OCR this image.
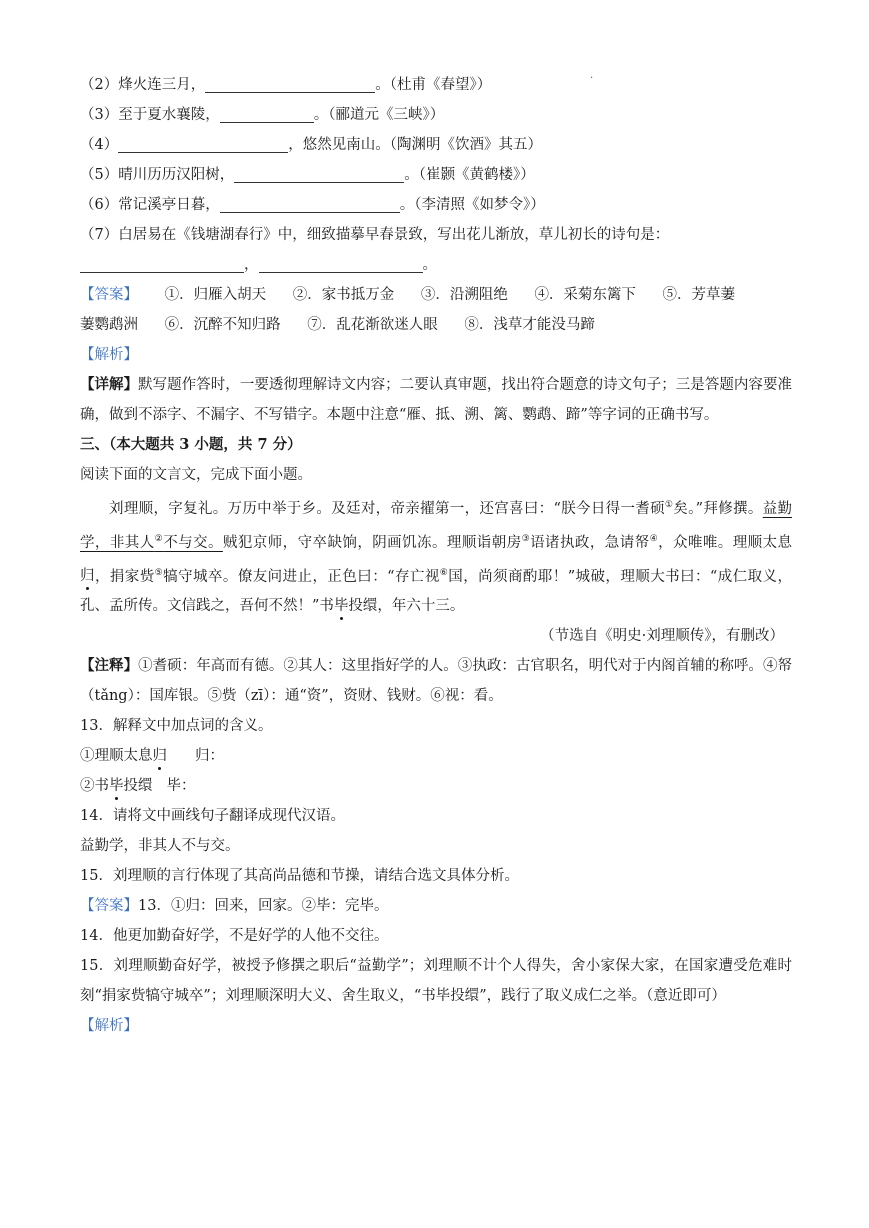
.
（2）烽火连三月，	。（杜甫《春望》）
（3）至于夏水襄陵，	。（郦道元《三峡》）
（4）	，悠然见南山。（陶渊明《饮酒》其五）
（5）晴川历历汉阳树，	。（崔颢《黄鹤楼》）
（6）常记溪亭日暮，	。（李清照《如梦令》）
（7）白居易在《钱塘湖春行》中，细致描摹早春景致，写出花儿渐放，草儿初长的诗句是：
，	。
【答案】 ①．归雁入胡天 ②．家书抵万金 ③．沿溯阻绝 ④．采菊东篱下 ⑤．芳草萋
萋鹦鹉洲 ⑥．沉醉不知归路 ⑦．乱花渐欲迷人眼 ⑧．浅草才能没马蹄
【解析】
【详解】默写题作答时，一要透彻理解诗文内容；二要认真审题，找出符合题意的诗文句子；三是答题内容要准确，做到不添字、不漏字、不写错字。本题中注意“雁、抵、溯、篱、鹦鹉、蹄”等字词的正确书写。
三、（本大题共 3 小题，共 7 分）
阅读下面的文言文，完成下面小题。
刘理顺，字复礼。万历中举于乡。及廷对，帝亲擢第一，还宫喜曰：“朕今日得一耆硕①矣。”拜修撰。益勤学，非其人②不与交。贼犯京师，守卒缺饷，阴画饥冻。理顺诣朝房③语诸执政，急请帑④，众唯唯。理顺太息归，捐家赀⑤犒守城卒。僚友问进止，正色曰：“存亡视⑥国，尚须商酌耶！”城破，理顺大书曰：“成仁取义，孔、孟所传。文信践之，吾何不然！”书毕投缳，年六十三。
（节选自《明史·刘理顺传》，有删改）
【注释】①耆硕：年高而有德。②其人：这里指好学的人。③执政：古官职名，明代对于内阁首辅的称呼。④帑（tǎng）：国库银。⑤赀（zī）：通“资”，资财、钱财。⑥视：看。
13．解释文中加点词的含义。
①理顺太息归 归：
②书毕投缳 毕：
14．请将文中画线句子翻译成现代汉语。
益勤学，非其人不与交。
15．刘理顺的言行体现了其高尚品德和节操，请结合选文具体分析。
【答案】13．①归：回来，回家。②毕：完毕。
14．他更加勤奋好学，不是好学的人他不交往。
15．刘理顺勤奋好学，被授予修撰之职后“益勤学”；刘理顺不计个人得失，舍小家保大家，在国家遭受危难时刻“捐家赀犒守城卒”；刘理顺深明大义、舍生取义，“书毕投缳”，践行了取义成仁之举。（意近即可）
【解析】
